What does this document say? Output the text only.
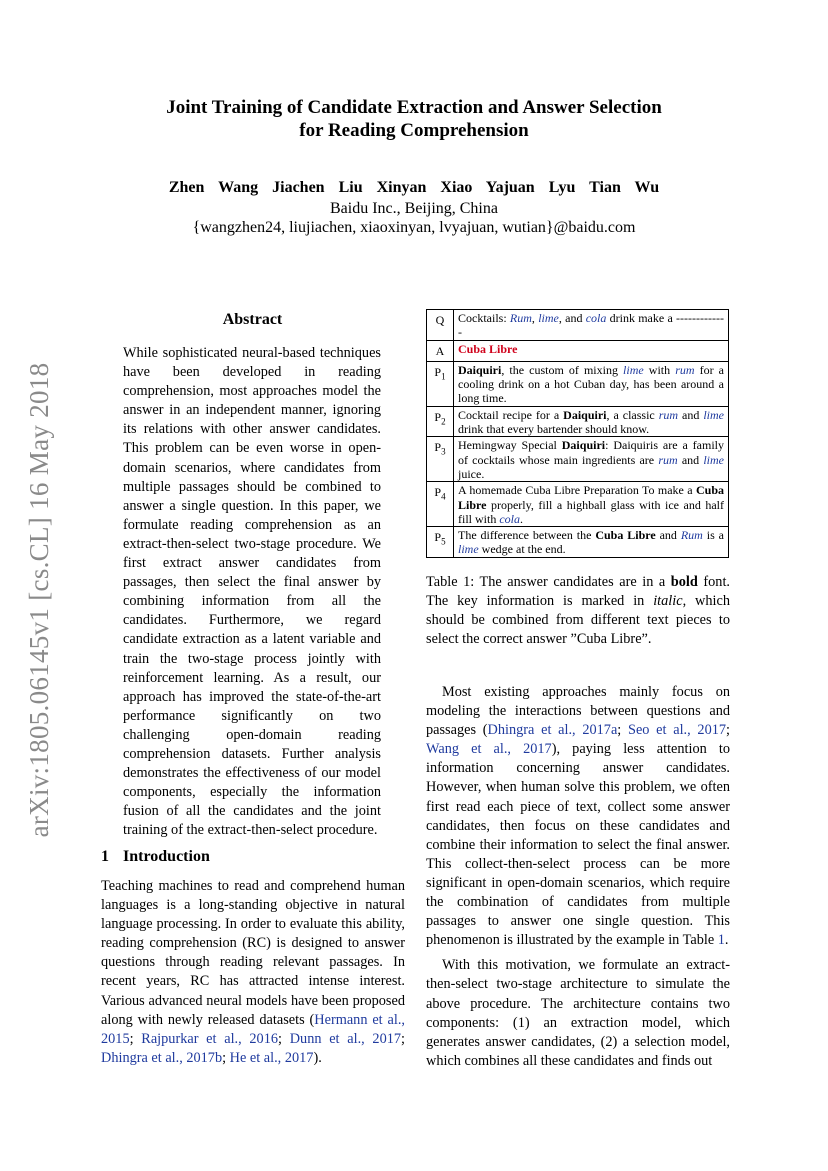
arXiv:1805.06145v1 [cs.CL] 16 May 2018
Joint Training of Candidate Extraction and Answer Selection
for Reading Comprehension
Zhen Wang Jiachen Liu Xinyan Xiao Yajuan Lyu Tian Wu
Baidu Inc., Beijing, China
{wangzhen24, liujiachen, xiaoxinyan, lvyajuan, wutian}@baidu.com
Abstract
While sophisticated neural-based techniques have been developed in reading comprehension, most approaches model the answer in an independent manner, ignoring its relations with other answer candidates. This problem can be even worse in open-domain scenarios, where candidates from multiple passages should be combined to answer a single question. In this paper, we formulate reading comprehension as an extract-then-select two-stage procedure. We first extract answer candidates from passages, then select the final answer by combining information from all the candidates. Furthermore, we regard candidate extraction as a latent variable and train the two-stage process jointly with reinforcement learning. As a result, our approach has improved the state-of-the-art performance significantly on two challenging open-domain reading comprehension datasets. Further analysis demonstrates the effectiveness of our model components, especially the information fusion of all the candidates and the joint training of the extract-then-select procedure.
1 Introduction
Teaching machines to read and comprehend human languages is a long-standing objective in natural language processing. In order to evaluate this ability, reading comprehension (RC) is designed to answer questions through reading relevant passages. In recent years, RC has attracted intense interest. Various advanced neural models have been proposed along with newly released datasets (Hermann et al., 2015; Rajpurkar et al., 2016; Dunn et al., 2017; Dhingra et al., 2017b; He et al., 2017).
Q	Cocktails: Rum, lime, and cola drink make a -------------
A	Cuba Libre
$P_1$	Daiquiri, the custom of mixing lime with rum for a cooling drink on a hot Cuban day, has been around a long time.
$P_2$	Cocktail recipe for a Daiquiri, a classic rum and lime drink that every bartender should know.
$P_3$	Hemingway Special Daiquiri: Daiquiris are a family of cocktails whose main ingredients are rum and lime juice.
$P_4$	A homemade Cuba Libre Preparation To make a Cuba Libre properly, fill a highball glass with ice and half fill with cola.
$P_5$	The difference between the Cuba Libre and Rum is a lime wedge at the end.
Table 1: The answer candidates are in a bold font. The key information is marked in italic, which should be combined from different text pieces to select the correct answer ”Cuba Libre”.

Most existing approaches mainly focus on modeling the interactions between questions and passages (Dhingra et al., 2017a; Seo et al., 2017; Wang et al., 2017), paying less attention to information concerning answer candidates. However, when human solve this problem, we often first read each piece of text, collect some answer candidates, then focus on these candidates and combine their information to select the final answer. This collect-then-select process can be more significant in open-domain scenarios, which require the combination of candidates from multiple passages to answer one single question. This phenomenon is illustrated by the example in Table 1.

With this motivation, we formulate an extract-then-select two-stage architecture to simulate the above procedure. The architecture contains two components: (1) an extraction model, which generates answer candidates, (2) a selection model, which combines all these candidates and finds out
